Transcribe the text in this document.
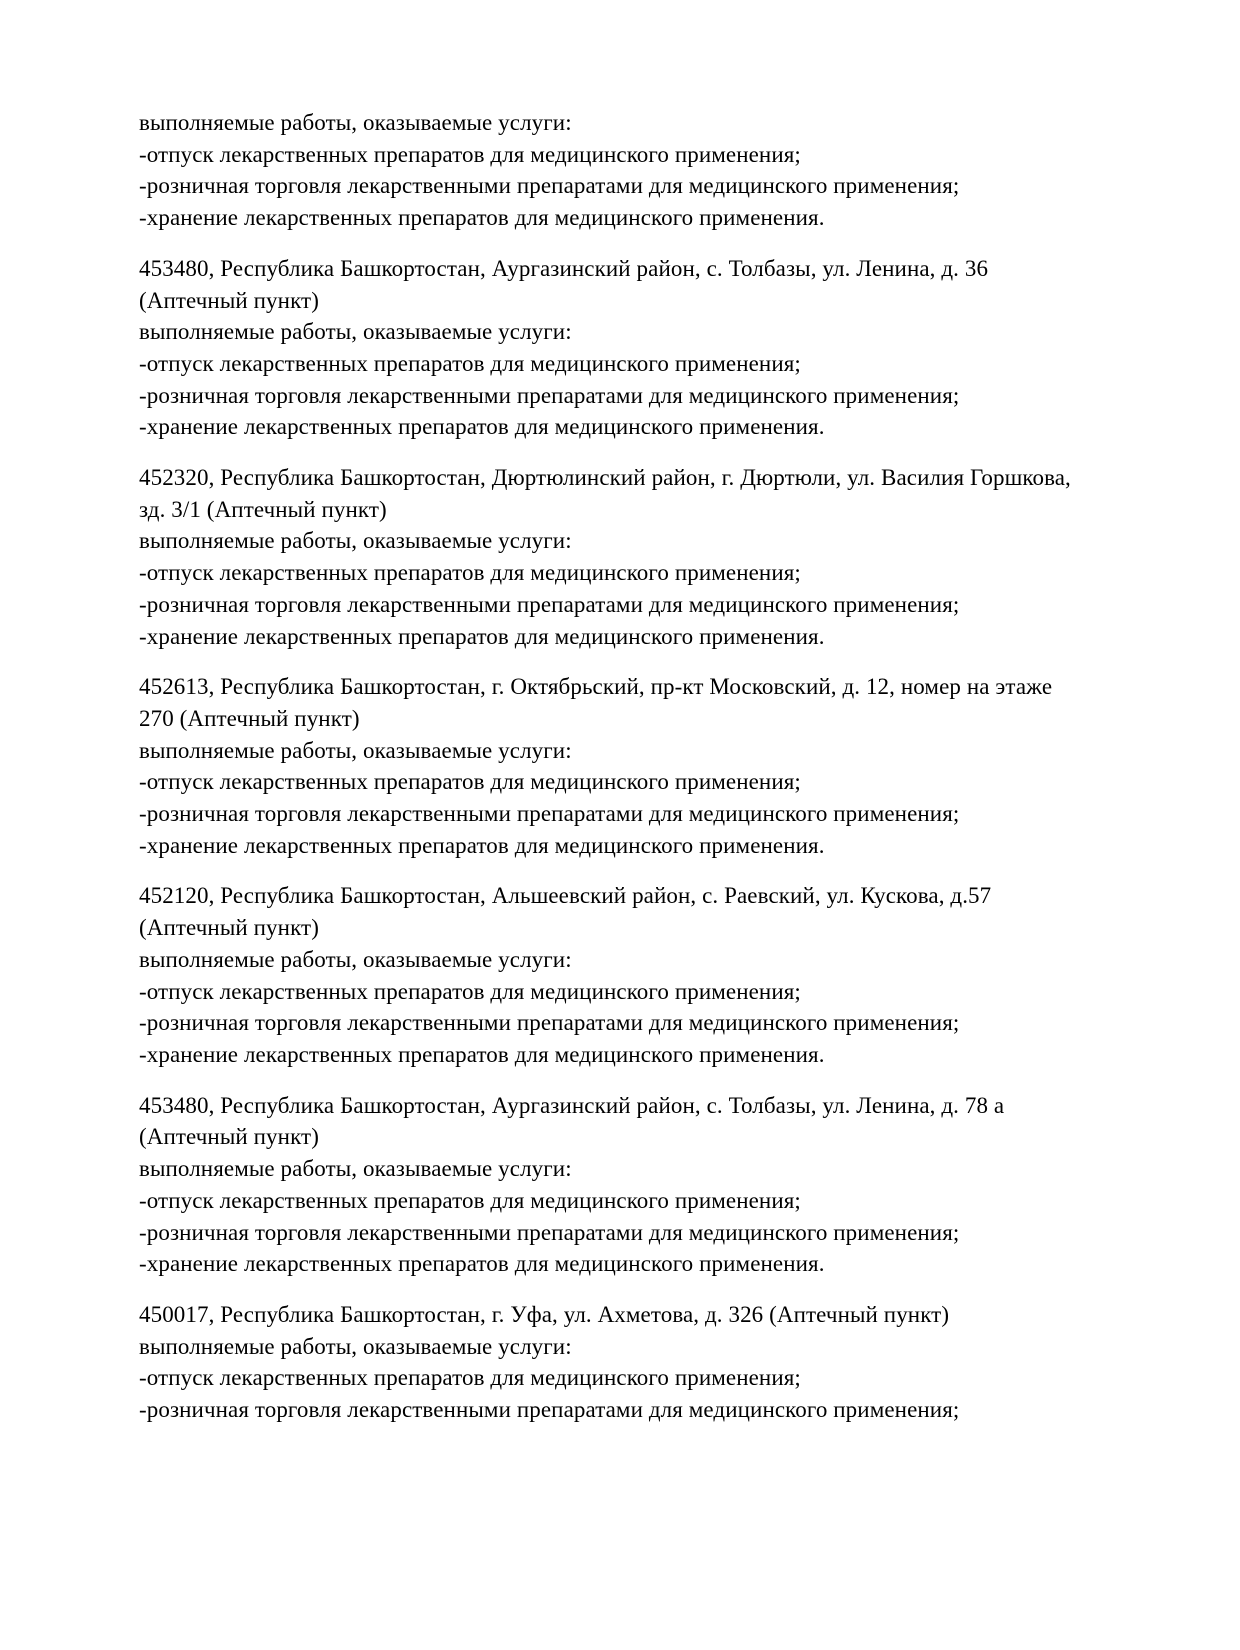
выполняемые работы, оказываемые услуги:

-отпуск лекарственных препаратов для медицинского применения;

-розничная торговля лекарственными препаратами для медицинского применения;

-хранение лекарственных препаратов для медицинского применения.

453480, Республика Башкортостан, Аургазинский район, с. Толбазы, ул. Ленина, д. 36

(Аптечный пункт)

выполняемые работы, оказываемые услуги:

-отпуск лекарственных препаратов для медицинского применения;

-розничная торговля лекарственными препаратами для медицинского применения;

-хранение лекарственных препаратов для медицинского применения.

452320, Республика Башкортостан, Дюртюлинский район, г. Дюртюли, ул. Василия Горшкова,

зд. 3/1 (Аптечный пункт)

выполняемые работы, оказываемые услуги:

-отпуск лекарственных препаратов для медицинского применения;

-розничная торговля лекарственными препаратами для медицинского применения;

-хранение лекарственных препаратов для медицинского применения.

452613, Республика Башкортостан, г. Октябрьский, пр-кт Московский, д. 12, номер на этаже

270 (Аптечный пункт)

выполняемые работы, оказываемые услуги:

-отпуск лекарственных препаратов для медицинского применения;

-розничная торговля лекарственными препаратами для медицинского применения;

-хранение лекарственных препаратов для медицинского применения.

452120, Республика Башкортостан, Альшеевский район, с. Раевский, ул. Кускова, д.57

(Аптечный пункт)

выполняемые работы, оказываемые услуги:

-отпуск лекарственных препаратов для медицинского применения;

-розничная торговля лекарственными препаратами для медицинского применения;

-хранение лекарственных препаратов для медицинского применения.

453480, Республика Башкортостан, Аургазинский район, с. Толбазы, ул. Ленина, д. 78 а

(Аптечный пункт)

выполняемые работы, оказываемые услуги:

-отпуск лекарственных препаратов для медицинского применения;

-розничная торговля лекарственными препаратами для медицинского применения;

-хранение лекарственных препаратов для медицинского применения.

450017, Республика Башкортостан, г. Уфа, ул. Ахметова, д. 326 (Аптечный пункт)

выполняемые работы, оказываемые услуги:

-отпуск лекарственных препаратов для медицинского применения;

-розничная торговля лекарственными препаратами для медицинского применения;
